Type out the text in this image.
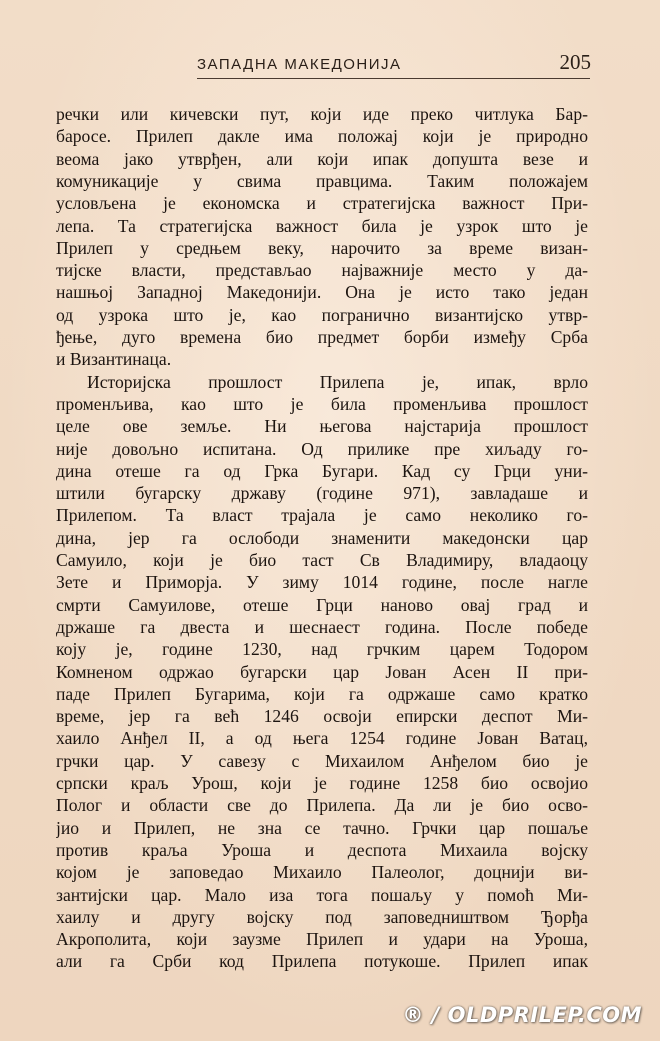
ЗАПАДНА МАКЕДОНИЈА	205
речки или кичевски пут, који иде преко читлука Бар-
баросе. Прилеп дакле има положај који је природно
веома јако утврђен, али који ипак допушта везе и
комуникације у свима правцима. Таким положајем
условљена је економска и стратегијска важност При-
лепа. Та стратегијска важност била је узрок што је
Прилеп у средњем веку, нарочито за време визан-
тијске власти, представљао најважније место у да-
нашњој Западној Македонији. Она је исто тако један
од узрока што је, као погранично византијско утвр-
ђење, дуго времена био предмет борби између Срба
и Византинаца.
Историјска прошлост Прилепа је, ипак, врло
променљива, као што је била променљива прошлост
целе ове земље. Ни његова најстарија прошлост
није довољно испитана. Од прилике пре хиљаду го-
дина отеше га од Грка Бугари. Кад су Грци уни-
штили бугарску државу (године 971), завладаше и
Прилепом. Та власт трајала је само неколико го-
дина, јер га ослободи знаменити македонски цар
Самуило, који је био таст Св Владимиру, владаоцу
Зете и Приморја. У зиму 1014 године, после нагле
смрти Самуилове, отеше Грци наново овај град и
држаше га двеста и шеснаест година. После победе
коју је, године 1230, над грчким царем Тодором
Комненом одржао бугарски цар Јован Асен II при-
паде Прилеп Бугарима, који га одржаше само кратко
време, јер га већ 1246 освоји епирски деспот Ми-
хаило Анђел II, а од њега 1254 године Јован Ватац,
грчки цар. У савезу с Михаилом Анђелом био је
српски краљ Урош, који је године 1258 био освојио
Полог и области све до Прилепа. Да ли је био осво-
јио и Прилеп, не зна се тачно. Грчки цар пошаље
против краља Уроша и деспота Михаила војску
којом је заповедао Михаило Палеолог, доцнији ви-
зантијски цар. Мало иза тога пошаљу у помоћ Ми-
хаилу и другу војску под заповедништвом Ђорђа
Акрополита, који заузме Прилеп и удари на Уроша,
али га Срби код Прилепа потукоше. Прилеп ипак
® / OLDPRILEP.COM
